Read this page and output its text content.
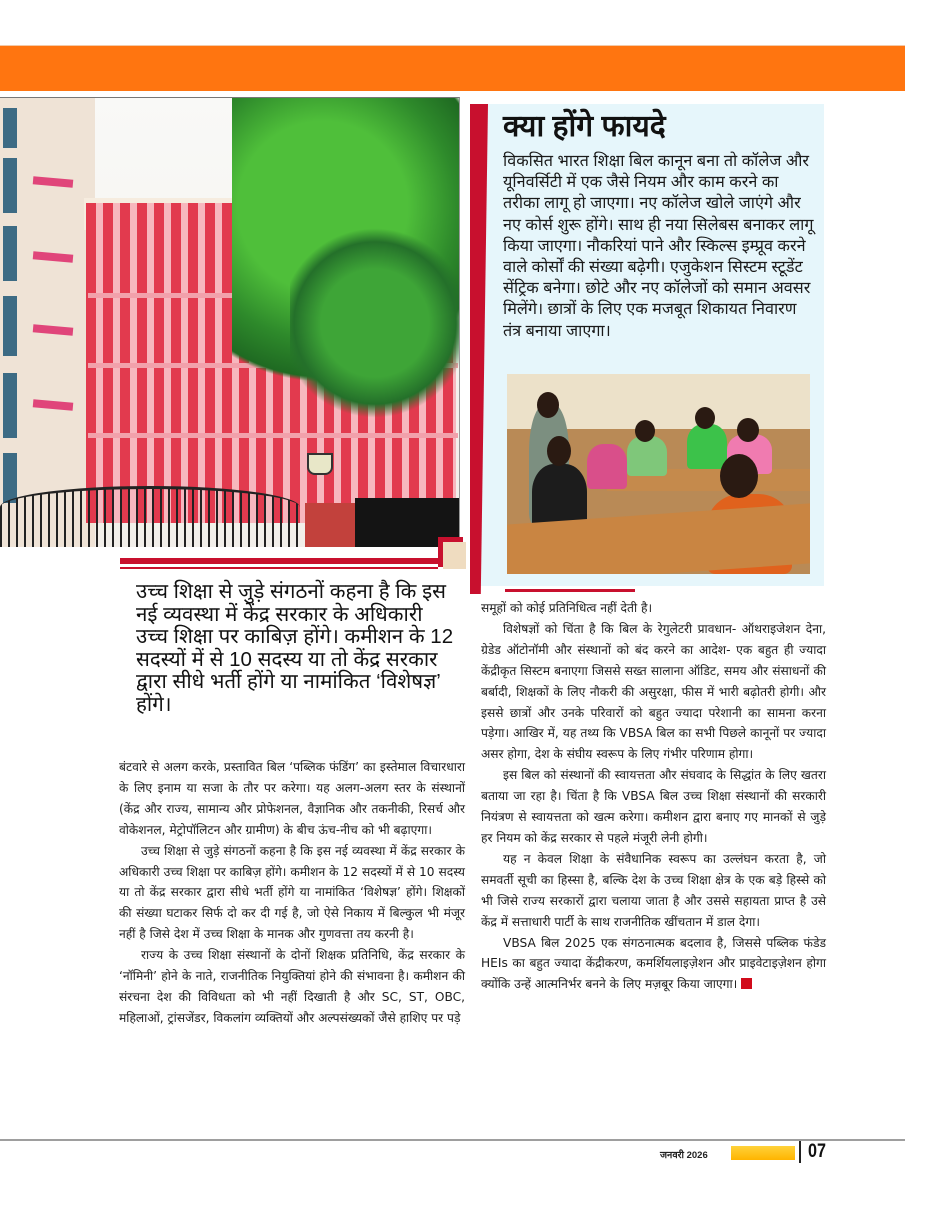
क्या होंगे फायदे
विकसित भारत शिक्षा बिल कानून बना तो कॉलेज और यूनिवर्सिटी में एक जैसे नियम और काम करने का तरीका लागू हो जाएगा। नए कॉलेज खोले जाएंगे और नए कोर्स शुरू होंगे। साथ ही नया सिलेबस बनाकर लागू किया जाएगा। नौकरियां पाने और स्किल्स इम्प्रूव करने वाले कोर्सों की संख्या बढ़ेगी। एजुकेशन सिस्टम स्टूडेंट सेंट्रिक बनेगा। छोटे और नए कॉलेजों को समान अवसर मिलेंगे। छात्रों के लिए एक मजबूत शिकायत निवारण तंत्र बनाया जाएगा।
उच्च शिक्षा से जुड़े संगठनों कहना है कि इस नई व्यवस्था में केंद्र सरकार के अधिकारी उच्च शिक्षा पर काबिज़ होंगे। कमीशन के 12 सदस्यों में से 10 सदस्य या तो केंद्र सरकार द्वारा सीधे भर्ती होंगे या नामांकित ‘विशेषज्ञ’ होंगे।

बंटवारे से अलग करके, प्रस्तावित बिल ‘पब्लिक फंडिंग’ का इस्तेमाल विचारधारा के लिए इनाम या सजा के तौर पर करेगा। यह अलग-अलग स्तर के संस्थानों (केंद्र और राज्य, सामान्य और प्रोफेशनल, वैज्ञानिक और तकनीकी, रिसर्च और वोकेशनल, मेट्रोपॉलिटन और ग्रामीण) के बीच ऊंच-नीच को भी बढ़ाएगा।

उच्च शिक्षा से जुड़े संगठनों कहना है कि इस नई व्यवस्था में केंद्र सरकार के अधिकारी उच्च शिक्षा पर काबिज़ होंगे। कमीशन के 12 सदस्यों में से 10 सदस्य या तो केंद्र सरकार द्वारा सीधे भर्ती होंगे या नामांकित ‘विशेषज्ञ’ होंगे। शिक्षकों की संख्या घटाकर सिर्फ दो कर दी गई है, जो ऐसे निकाय में बिल्कुल भी मंजूर नहीं है जिसे देश में उच्च शिक्षा के मानक और गुणवत्ता तय करनी है।

राज्य के उच्च शिक्षा संस्थानों के दोनों शिक्षक प्रतिनिधि, केंद्र सरकार के ‘नॉमिनी’ होने के नाते, राजनीतिक नियुक्तियां होने की संभावना है। कमीशन की संरचना देश की विविधता को भी नहीं दिखाती है और SC, ST, OBC, महिलाओं, ट्रांसजेंडर, विकलांग व्यक्तियों और अल्पसंख्यकों जैसे हाशिए पर पड़े

समूहों को कोई प्रतिनिधित्व नहीं देती है।

विशेषज्ञों को चिंता है कि बिल के रेगुलेटरी प्रावधान- ऑथराइजेशन देना, ग्रेडेड ऑटोनॉमी और संस्थानों को बंद करने का आदेश- एक बहुत ही ज्यादा केंद्रीकृत सिस्टम बनाएगा जिससे सख्त सालाना ऑडिट, समय और संसाधनों की बर्बादी, शिक्षकों के लिए नौकरी की असुरक्षा, फीस में भारी बढ़ोतरी होगी। और इससे छात्रों और उनके परिवारों को बहुत ज्यादा परेशानी का सामना करना पड़ेगा। आखिर में, यह तथ्य कि VBSA बिल का सभी पिछले कानूनों पर ज्यादा असर होगा, देश के संघीय स्वरूप के लिए गंभीर परिणाम होगा।

इस बिल को संस्थानों की स्वायत्तता और संघवाद के सिद्धांत के लिए खतरा बताया जा रहा है। चिंता है कि VBSA बिल उच्च शिक्षा संस्थानों की सरकारी नियंत्रण से स्वायत्तता को खत्म करेगा। कमीशन द्वारा बनाए गए मानकों से जुड़े हर नियम को केंद्र सरकार से पहले मंजूरी लेनी होगी।

यह न केवल शिक्षा के संवैधानिक स्वरूप का उल्लंघन करता है, जो समवर्ती सूची का हिस्सा है, बल्कि देश के उच्च शिक्षा क्षेत्र के एक बड़े हिस्से को भी जिसे राज्य सरकारों द्वारा चलाया जाता है और उससे सहायता प्राप्त है उसे केंद्र में सत्ताधारी पार्टी के साथ राजनीतिक खींचतान में डाल देगा।

VBSA बिल 2025 एक संगठनात्मक बदलाव है, जिससे पब्लिक फंडेड HEIs का बहुत ज्यादा केंद्रीकरण, कमर्शियलाइज़ेशन और प्राइवेटाइज़ेशन होगा क्योंकि उन्हें आत्मनिर्भर बनने के लिए मज़बूर किया जाएगा।

जनवरी 2026	07
